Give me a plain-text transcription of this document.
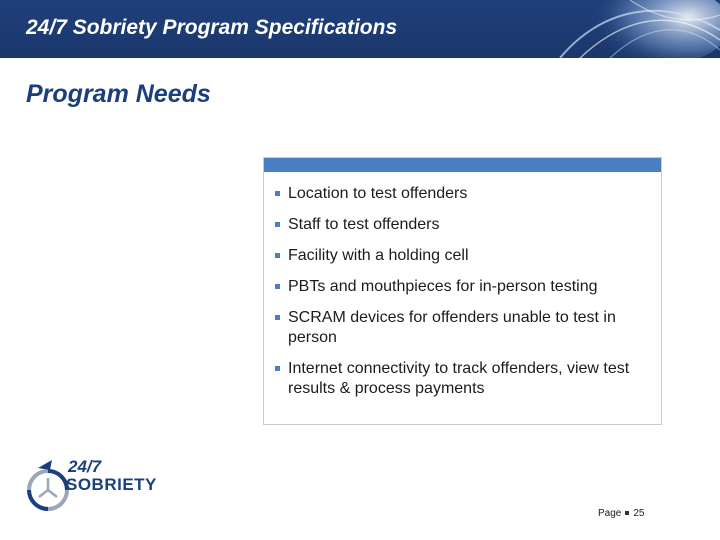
24/7 Sobriety Program Specifications
Program Needs
Location to test offenders
Staff to test offenders
Facility with a holding cell
PBTs and mouthpieces for in-person testing
SCRAM devices for offenders unable to test in person
Internet connectivity to track offenders, view test results & process payments
24/7
SOBRIETY
Page 25
